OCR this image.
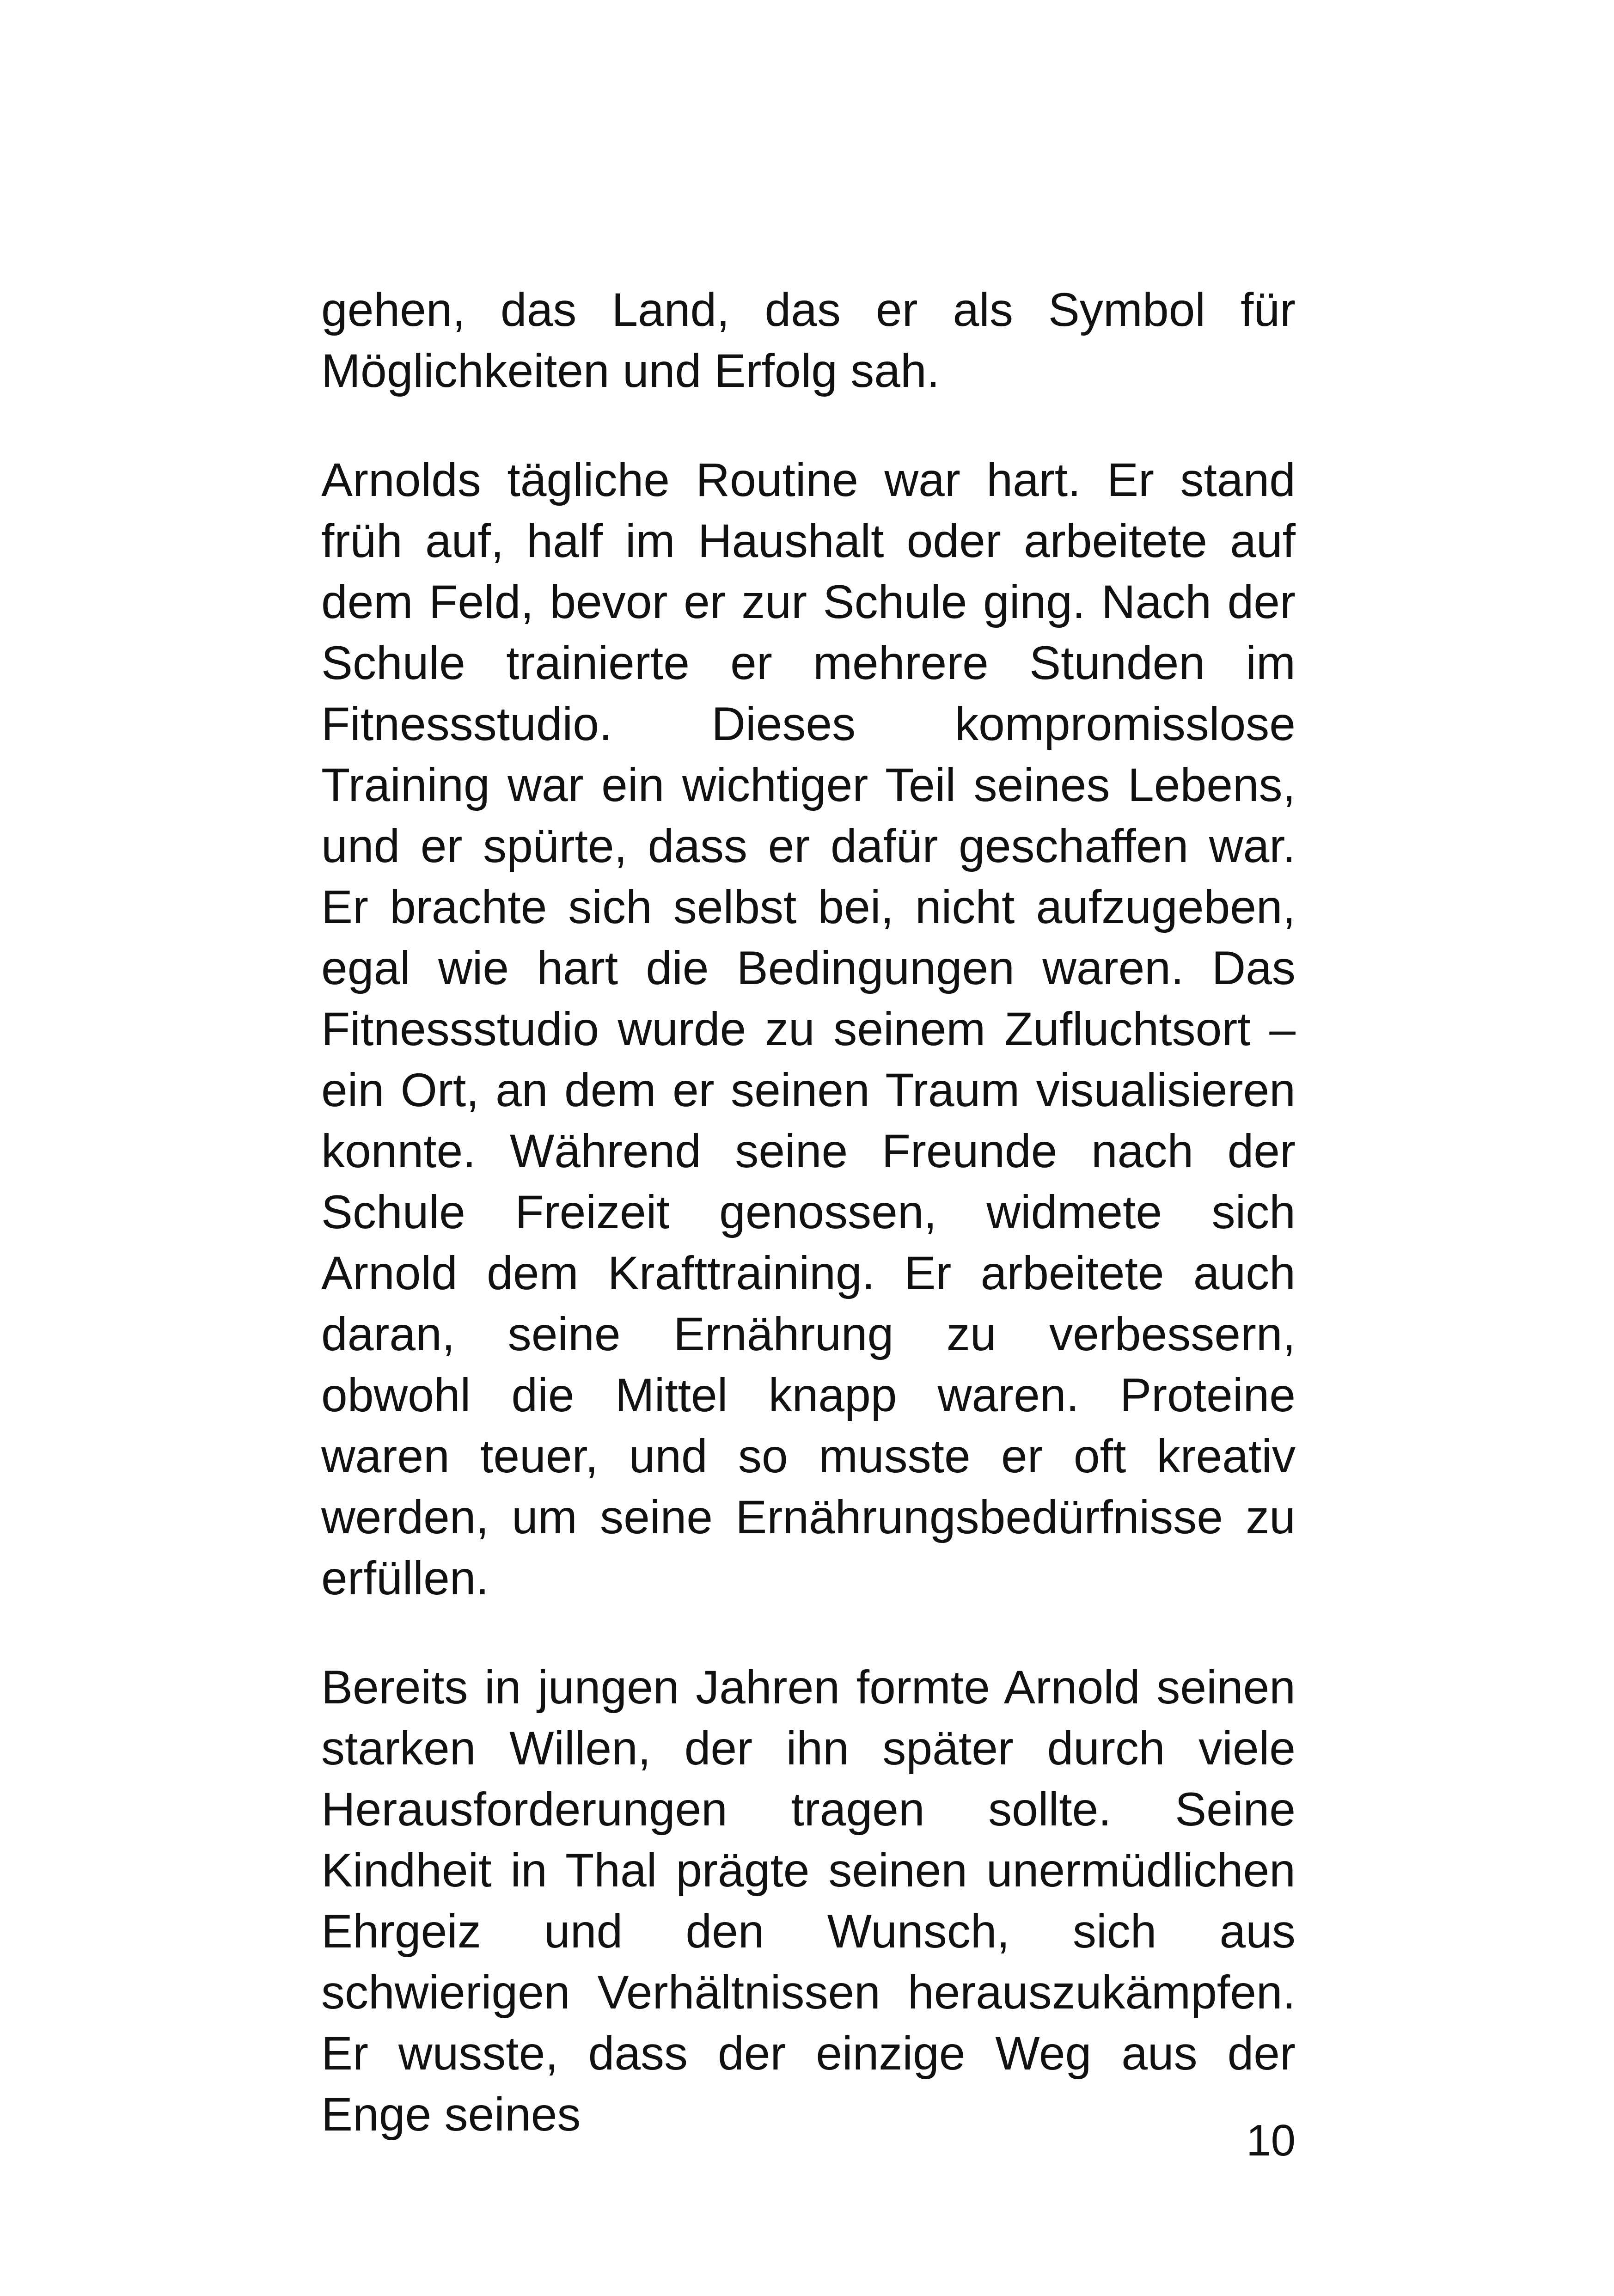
gehen, das Land, das er als Symbol für Möglichkeiten und Erfolg sah.

Arnolds tägliche Routine war hart. Er stand früh auf, half im Haushalt oder arbeitete auf dem Feld, bevor er zur Schule ging. Nach der Schule trainierte er mehrere Stunden im Fitnessstudio. Dieses kompromisslose Training war ein wichtiger Teil seines Lebens, und er spürte, dass er dafür geschaffen war. Er brachte sich selbst bei, nicht aufzugeben, egal wie hart die Bedingungen waren. Das Fitnessstudio wurde zu seinem Zufluchtsort – ein Ort, an dem er seinen Traum visualisieren konnte. Während seine Freunde nach der Schule Freizeit genossen, widmete sich Arnold dem Krafttraining. Er arbeitete auch daran, seine Ernährung zu verbessern, obwohl die Mittel knapp waren. Proteine waren teuer, und so musste er oft kreativ werden, um seine Ernährungsbedürfnisse zu erfüllen.

Bereits in jungen Jahren formte Arnold seinen starken Willen, der ihn später durch viele Herausforderungen tragen sollte. Seine Kindheit in Thal prägte seinen unermüdlichen Ehrgeiz und den Wunsch, sich aus schwierigen Verhältnissen herauszukämpfen. Er wusste, dass der einzige Weg aus der Enge seines	10
